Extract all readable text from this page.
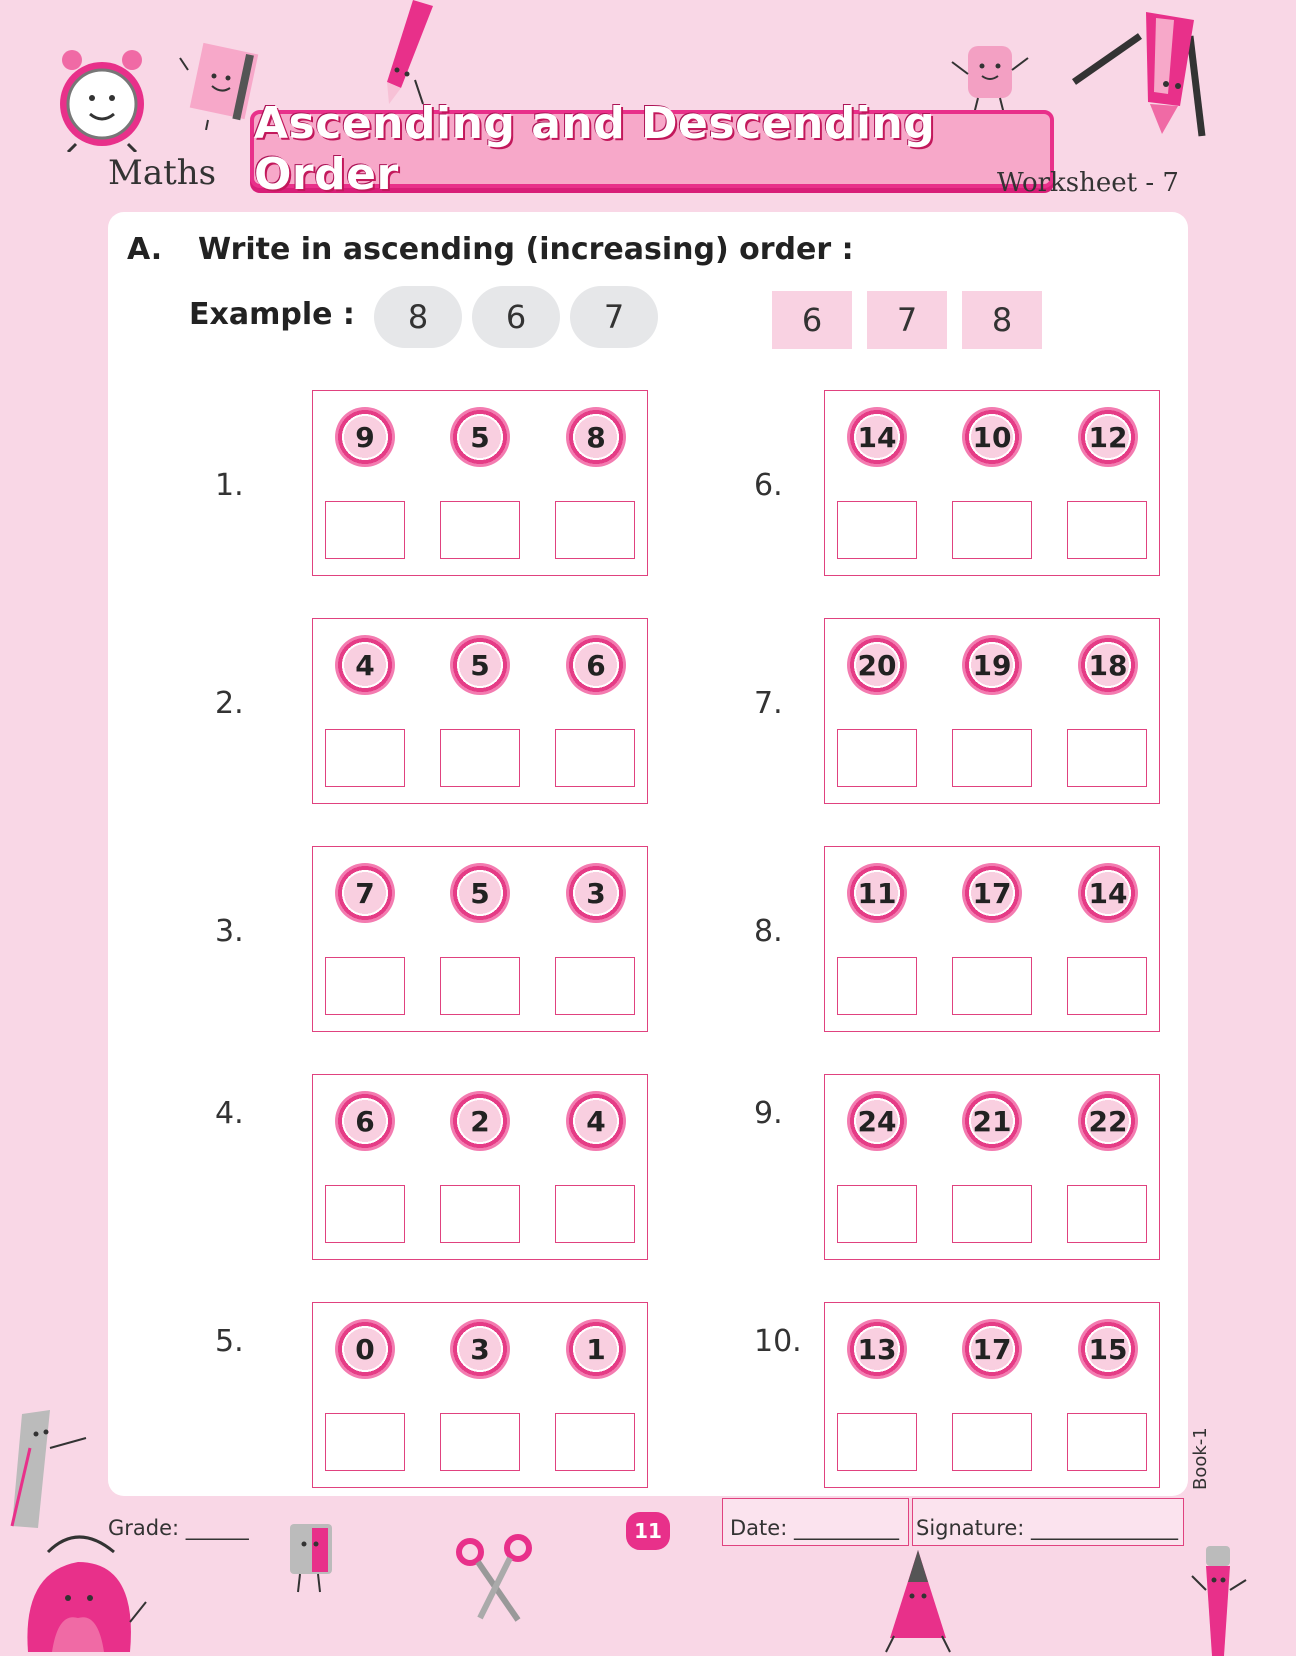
Maths
Ascending and Descending Order	Worksheet - 7
A. Write in ascending (increasing) order :
Example :	8	6	7	6	7	8
1.
9	5	8
2.
4	5	6
3.
7	5	3
4.	6	2	4
5.	0	3	1
6.
14	10	12
7.
20	19	18
8.
11	17	14
9.	24	21	22
10.	13	17	15
Grade: ______	11	Date: __________ Signature: ______________
Book-1
